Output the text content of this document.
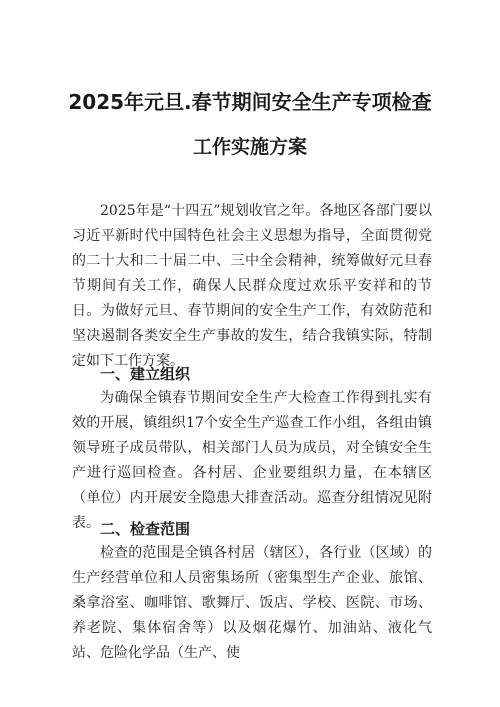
2025年元旦.春节期间安全生产专项检查
工作实施方案
2025年是“十四五”规划收官之年。各地区各部门要以习近平新时代中国特色社会主义思想为指导，全面贯彻党的二十大和二十届二中、三中全会精神，统筹做好元旦春节期间有关工作，确保人民群众度过欢乐平安祥和的节日。为做好元旦、春节期间的安全生产工作，有效防范和坚决遏制各类安全生产事故的发生，结合我镇实际，特制定如下工作方案。
一、建立组织
为确保全镇春节期间安全生产大检查工作得到扎实有效的开展，镇组织17个安全生产巡查工作小组，各组由镇领导班子成员带队，相关部门人员为成员，对全镇安全生产进行巡回检查。各村居、企业要组织力量，在本辖区（单位）内开展安全隐患大排查活动。巡查分组情况见附表。 二、检查范围
检查的范围是全镇各村居（辖区），各行业（区域）的生产经营单位和人员密集场所（密集型生产企业、旅馆、桑拿浴室、咖啡馆、歌舞厅、饭店、学校、医院、市场、养老院、集体宿舍等）以及烟花爆竹、加油站、液化气站、危险化学品（生产、使
